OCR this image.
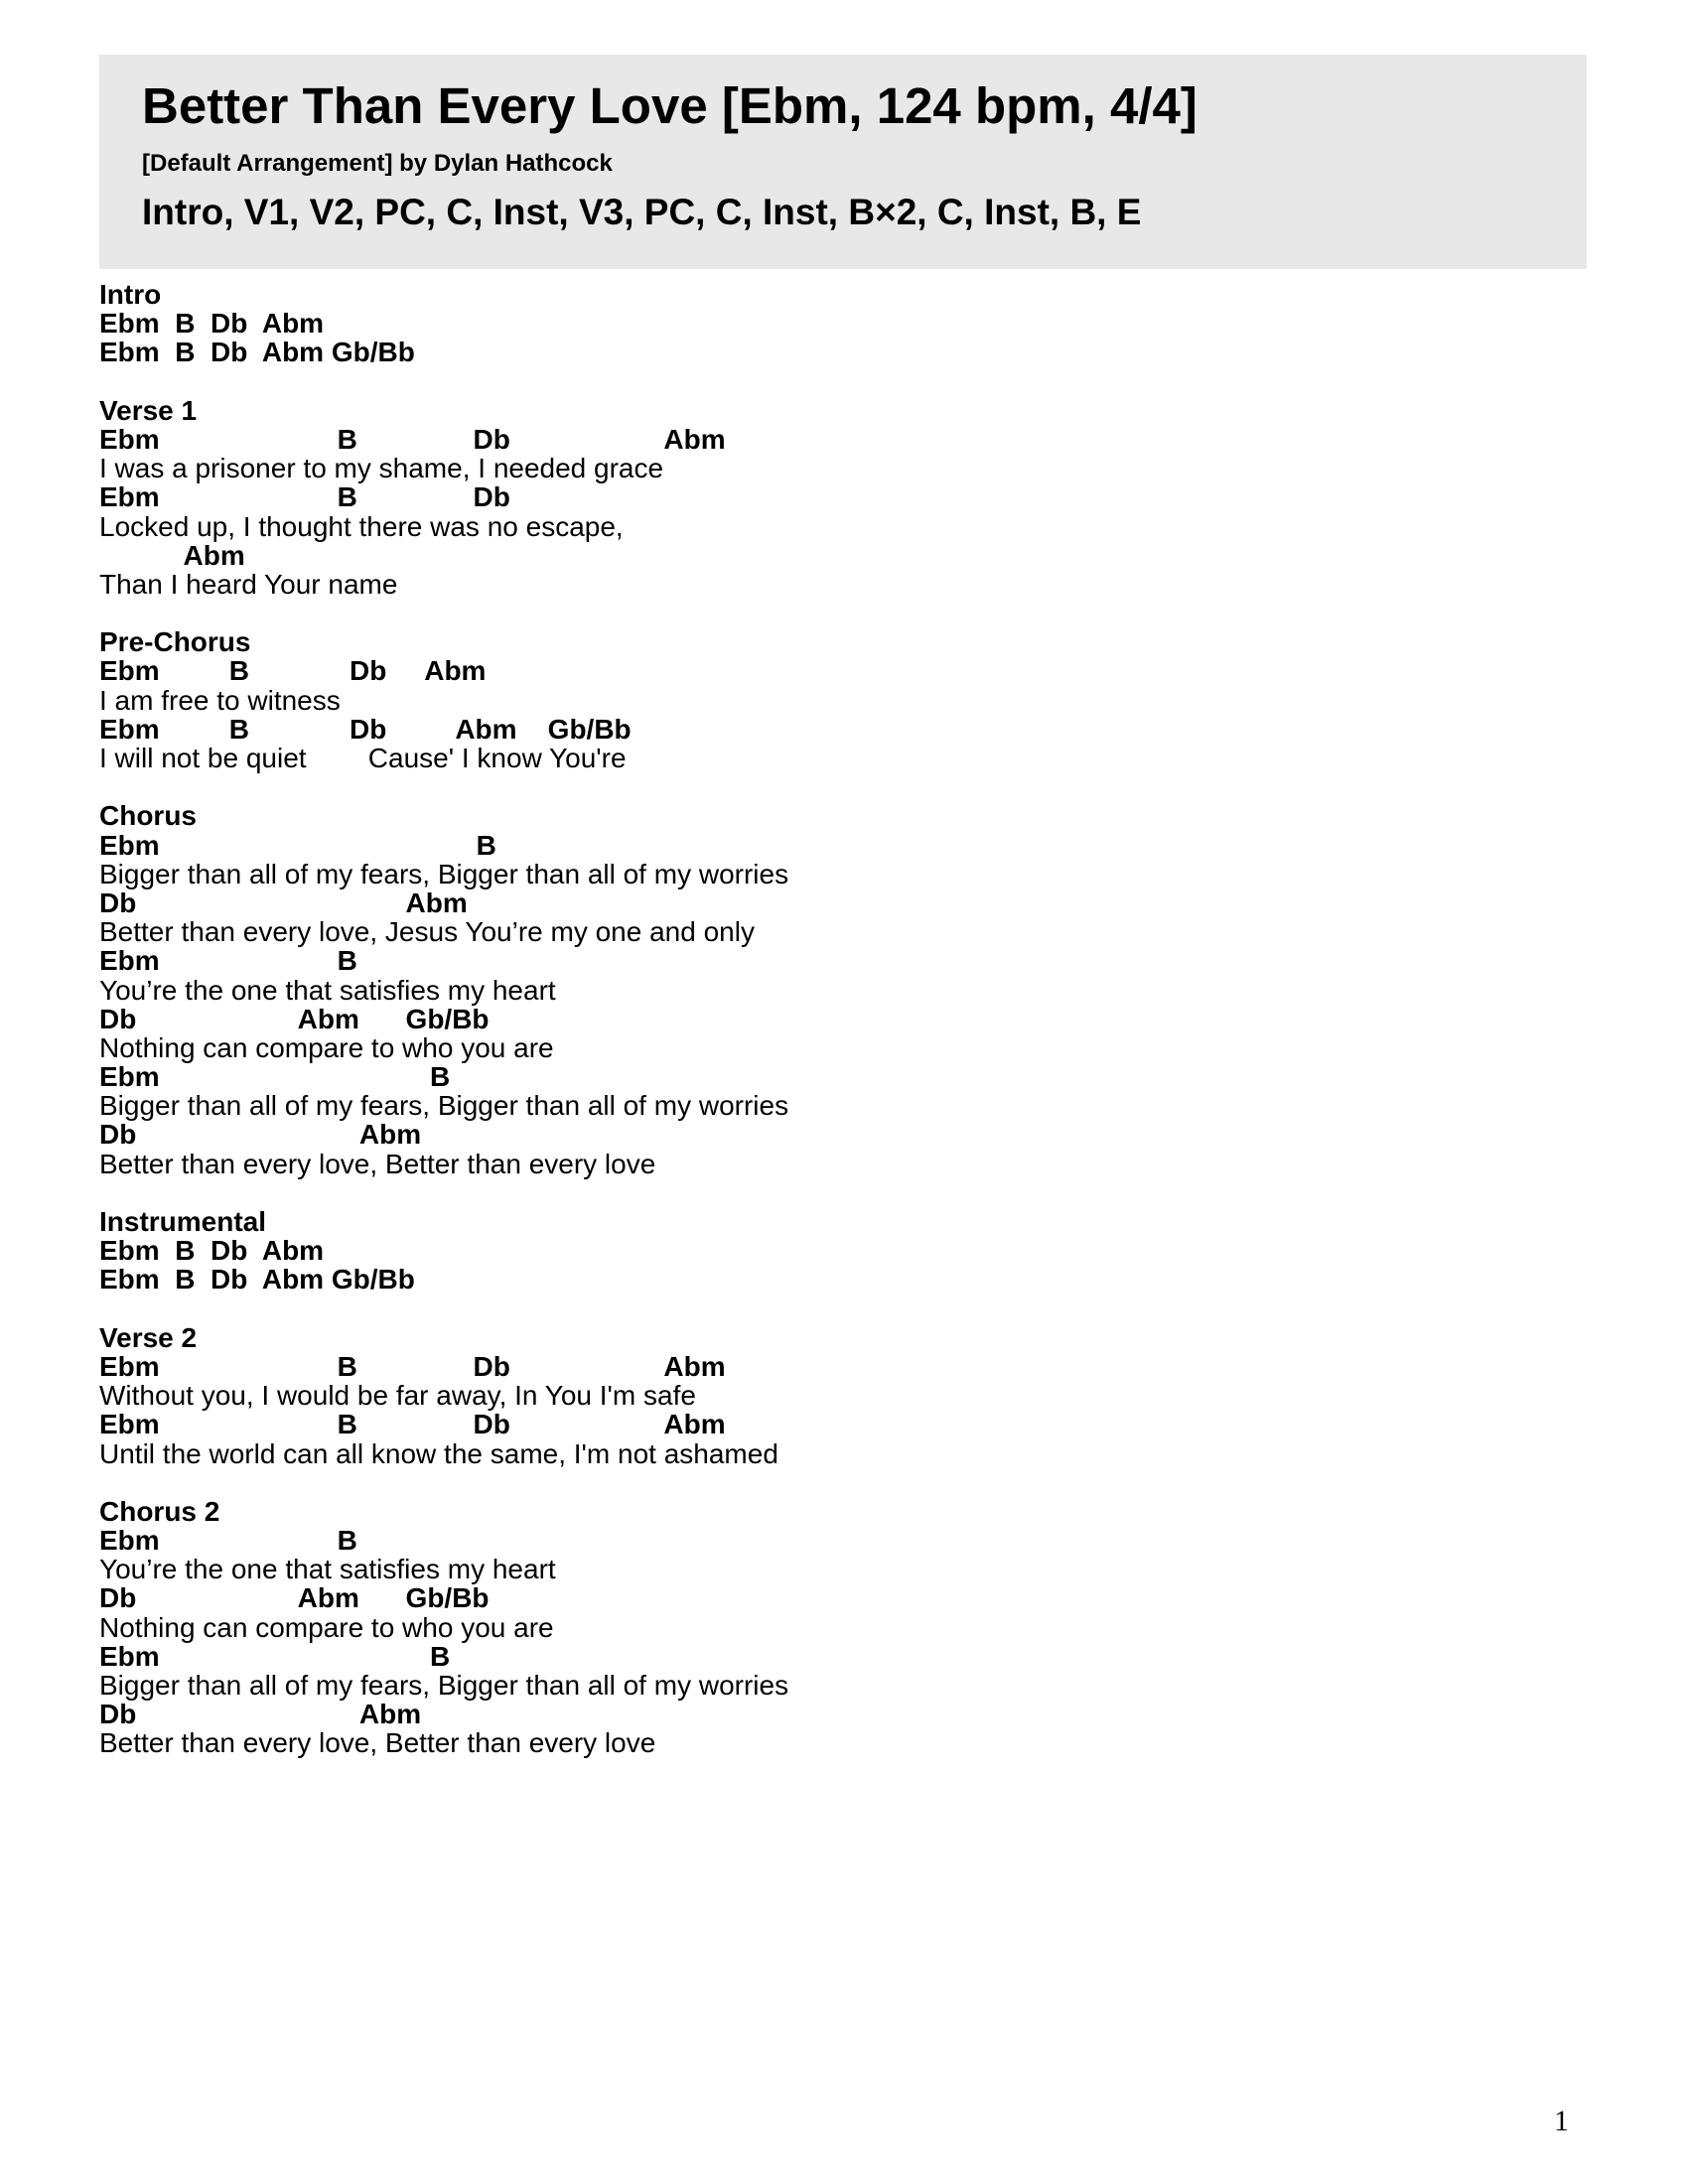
Better Than Every Love [Ebm, 124 bpm, 4/4]
[Default Arrangement] by Dylan Hathcock
Intro, V1, V2, PC, C, Inst, V3, PC, C, Inst, B×2, C, Inst, B, E
Intro
Ebm  B  Db  Abm
Ebm  B  Db  Abm Gb/Bb
Verse 1
Ebm                       B               Db                    Abm
I was a prisoner to my shame, I needed grace
Ebm                       B               Db
Locked up, I thought there was no escape,
Abm
Than I heard Your name
Pre-Chorus
Ebm         B             Db     Abm
I am free to witness
Ebm         B             Db         Abm    Gb/Bb
I will not be quiet        Cause' I know You're
Chorus
Ebm                                         B
Bigger than all of my fears, Bigger than all of my worries
Db                                   Abm
Better than every love, Jesus You’re my one and only
Ebm                       B
You’re the one that satisfies my heart
Db                     Abm      Gb/Bb
Nothing can compare to who you are
Ebm                                   B
Bigger than all of my fears, Bigger than all of my worries
Db                             Abm
Better than every love, Better than every love
Instrumental
Ebm  B  Db  Abm
Ebm  B  Db  Abm Gb/Bb
Verse 2
Ebm                       B               Db                    Abm
Without you, I would be far away, In You I'm safe
Ebm                       B               Db                    Abm
Until the world can all know the same, I'm not ashamed
Chorus 2
Ebm                       B
You’re the one that satisfies my heart
Db                     Abm      Gb/Bb
Nothing can compare to who you are
Ebm                                   B
Bigger than all of my fears, Bigger than all of my worries
Db                             Abm
Better than every love, Better than every love
1
